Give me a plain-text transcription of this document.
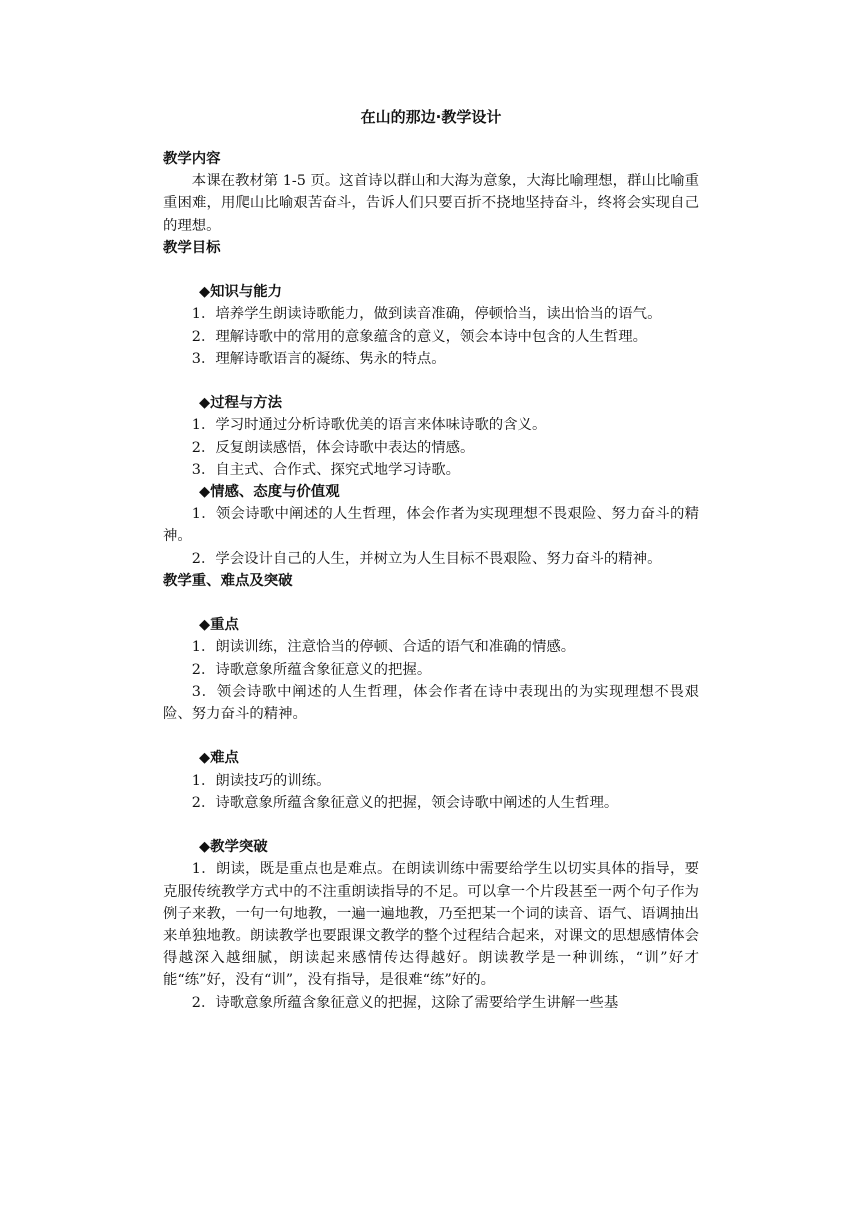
在山的那边·教学设计
教学内容
本课在教材第 1-5 页。这首诗以群山和大海为意象，大海比喻理想，群山比喻重重困难，用爬山比喻艰苦奋斗，告诉人们只要百折不挠地坚持奋斗，终将会实现自己的理想。
教学目标
◆知识与能力
1．培养学生朗读诗歌能力，做到读音准确，停顿恰当，读出恰当的语气。
2．理解诗歌中的常用的意象蕴含的意义，领会本诗中包含的人生哲理。
3．理解诗歌语言的凝练、隽永的特点。
◆过程与方法
1．学习时通过分析诗歌优美的语言来体味诗歌的含义。
2．反复朗读感悟，体会诗歌中表达的情感。
3．自主式、合作式、探究式地学习诗歌。
◆情感、态度与价值观
1．领会诗歌中阐述的人生哲理，体会作者为实现理想不畏艰险、努力奋斗的精神。
2．学会设计自己的人生，并树立为人生目标不畏艰险、努力奋斗的精神。
教学重、难点及突破
◆重点
1．朗读训练，注意恰当的停顿、合适的语气和准确的情感。
2．诗歌意象所蕴含象征意义的把握。
3．领会诗歌中阐述的人生哲理，体会作者在诗中表现出的为实现理想不畏艰险、努力奋斗的精神。
◆难点
1．朗读技巧的训练。
2．诗歌意象所蕴含象征意义的把握，领会诗歌中阐述的人生哲理。
◆教学突破
1．朗读，既是重点也是难点。在朗读训练中需要给学生以切实具体的指导，要克服传统教学方式中的不注重朗读指导的不足。可以拿一个片段甚至一两个句子作为例子来教，一句一句地教，一遍一遍地教，乃至把某一个词的读音、语气、语调抽出来单独地教。朗读教学也要跟课文教学的整个过程结合起来，对课文的思想感情体会得越深入越细腻，朗读起来感情传达得越好。朗读教学是一种训练，“训”好才能“练”好，没有“训”，没有指导，是很难“练”好的。
2．诗歌意象所蕴含象征意义的把握，这除了需要给学生讲解一些基
